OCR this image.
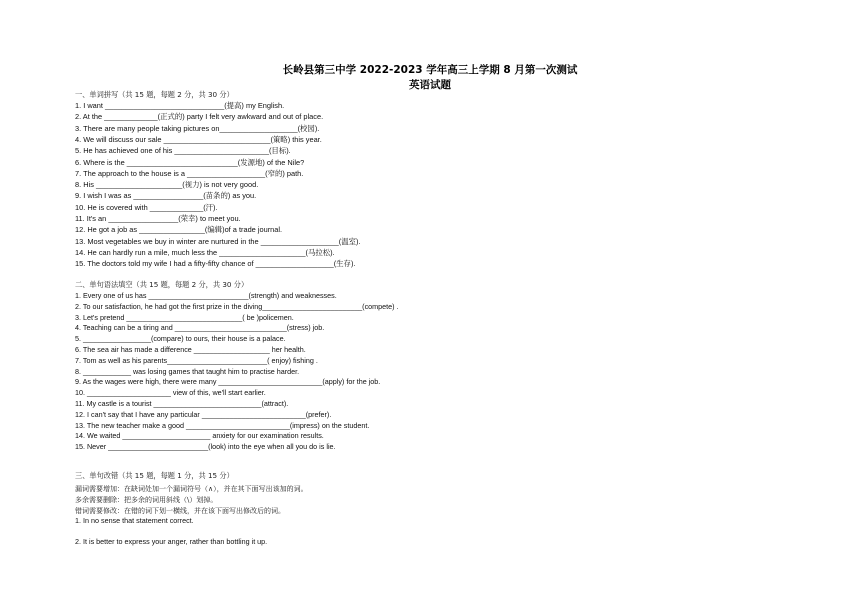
长岭县第三中学 2022-2023 学年高三上学期 8 月第一次测试
英语试题
一、单词拼写（共 15 题，每题 2 分，共 30 分）
1. I want _____________________________(提高) my English.
2. At the _____________(正式的) party I felt very awkward and out of place.
3. There are many people taking pictures on___________________(校园).
4. We will discuss our sale __________________________(策略) this year.
5. He has achieved one of his _______________________(目标).
6. Where is the ___________________________(发源地) of the Nile?
7. The approach to the house is a ___________________(窄的) path.
8. His _____________________(视力) is not very good.
9. I wish I was as _________________(苗条的) as you.
10. He is covered with _____________(汗).
11. It's an _________________(荣幸) to meet you.
12. He got a job as ________________(编辑)of a trade journal.
13. Most vegetables we buy in winter are nurtured in the ___________________(温室).
14. He can hardly run a mile, much less the _____________________(马拉松).
15. The doctors told my wife I had a fifty-fifty chance of ___________________(生存).
二、单句语法填空（共 15 题，每题 2 分，共 30 分）
1. Every one of us has _________________________(strength) and weaknesses.
2. To our satisfaction, he had got the first prize in the diving_________________________(compete) .
3. Let's pretend _____________________________( be )policemen.
4. Teaching can be a tiring and ____________________________(stress) job.
5. _________________(compare) to ours, their house is a palace.
6. The sea air has made a difference ___________________ her health.
7. Tom as well as his parents_________________________( enjoy) fishing .
8. ____________ was losing games that taught him to practise harder.
9. As the wages were high, there were many __________________________(apply) for the job.
10. _____________________ view of this, we'll start earlier.
11. My castle is a tourist ___________________________(attract).
12. I can't say that I have any particular __________________________(prefer).
13. The new teacher make a good __________________________(impress) on the student.
14. We waited ______________________ anxiety for our examination results.
15. Never _________________________(look) into the eye when all you do is lie.
三、单句改错（共 15 题，每题 1 分，共 15 分）
漏词需要增加：在缺词处加一个漏词符号（∧），并在其下面写出该加的词。
多余需要删除：把多余的词用斜线（\）划掉。
错词需要修改：在错的词下划一横线，并在该下面写出修改后的词。
1. In no sense that statement correct.
2. It is better to express your anger, rather than bottling it up.
